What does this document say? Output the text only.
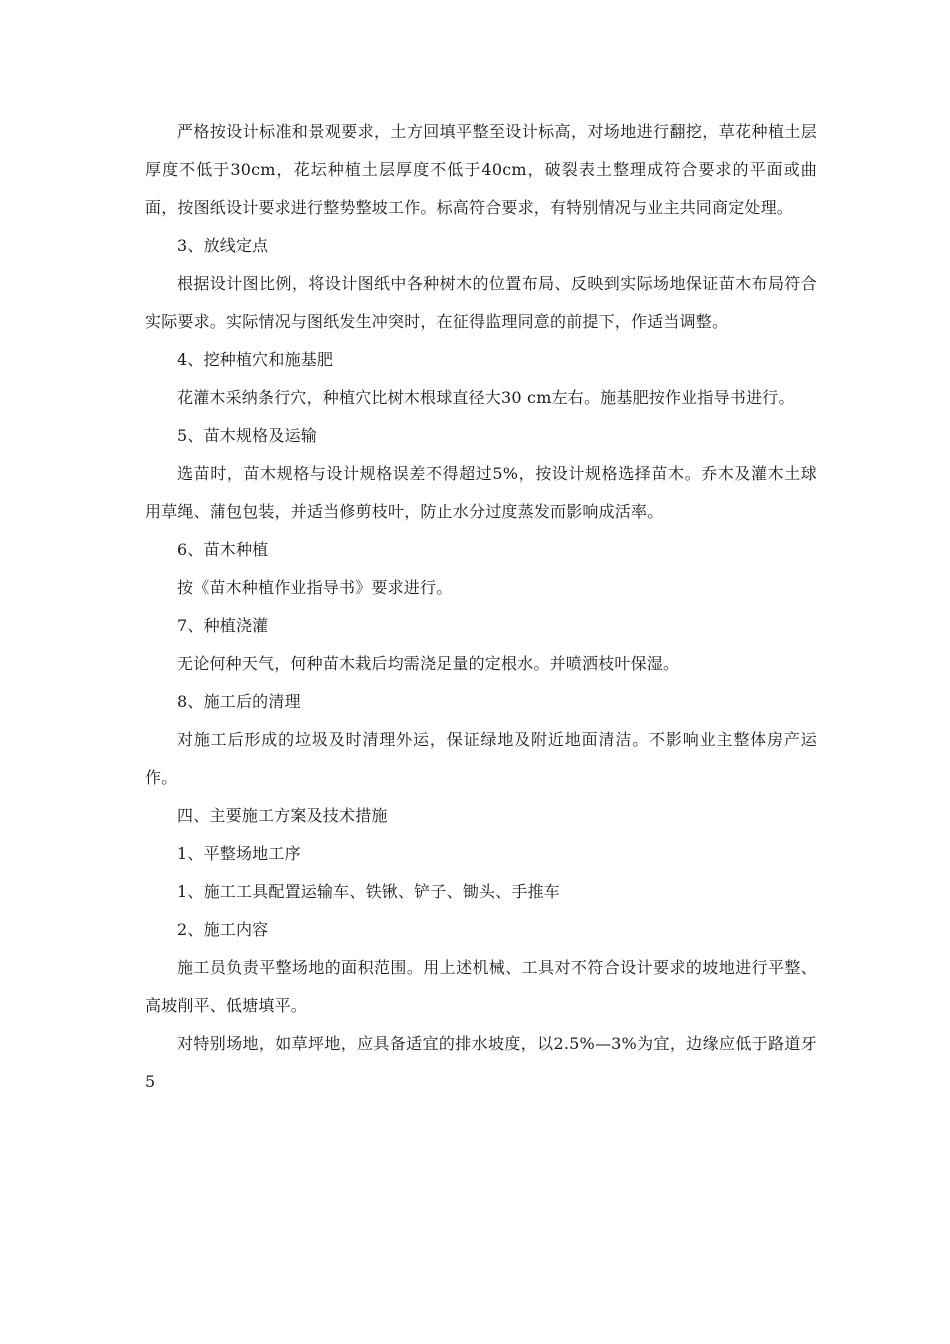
严格按设计标准和景观要求，土方回填平整至设计标高，对场地进行翻挖，草花种植土层厚度不低于30cm，花坛种植土层厚度不低于40cm，破裂表土整理成符合要求的平面或曲面，按图纸设计要求进行整势整坡工作。标高符合要求，有特别情况与业主共同商定处理。

3、放线定点

根据设计图比例，将设计图纸中各种树木的位置布局、反映到实际场地保证苗木布局符合实际要求。实际情况与图纸发生冲突时，在征得监理同意的前提下，作适当调整。

4、挖种植穴和施基肥

花灌木采纳条行穴，种植穴比树木根球直径大30 cm左右。施基肥按作业指导书进行。

5、苗木规格及运输

选苗时，苗木规格与设计规格误差不得超过5%，按设计规格选择苗木。乔木及灌木土球用草绳、蒲包包装，并适当修剪枝叶，防止水分过度蒸发而影响成活率。

6、苗木种植

按《苗木种植作业指导书》要求进行。

7、种植浇灌

无论何种天气，何种苗木栽后均需浇足量的定根水。并喷洒枝叶保湿。

8、施工后的清理

对施工后形成的垃圾及时清理外运，保证绿地及附近地面清洁。不影响业主整体房产运作。

四、主要施工方案及技术措施

1、平整场地工序

1、施工工具配置运输车、铁锹、铲子、锄头、手推车

2、施工内容

施工员负责平整场地的面积范围。用上述机械、工具对不符合设计要求的坡地进行平整、高坡削平、低塘填平。

对特别场地，如草坪地，应具备适宜的排水坡度，以2.5%—3%为宜，边缘应低于路道牙5
